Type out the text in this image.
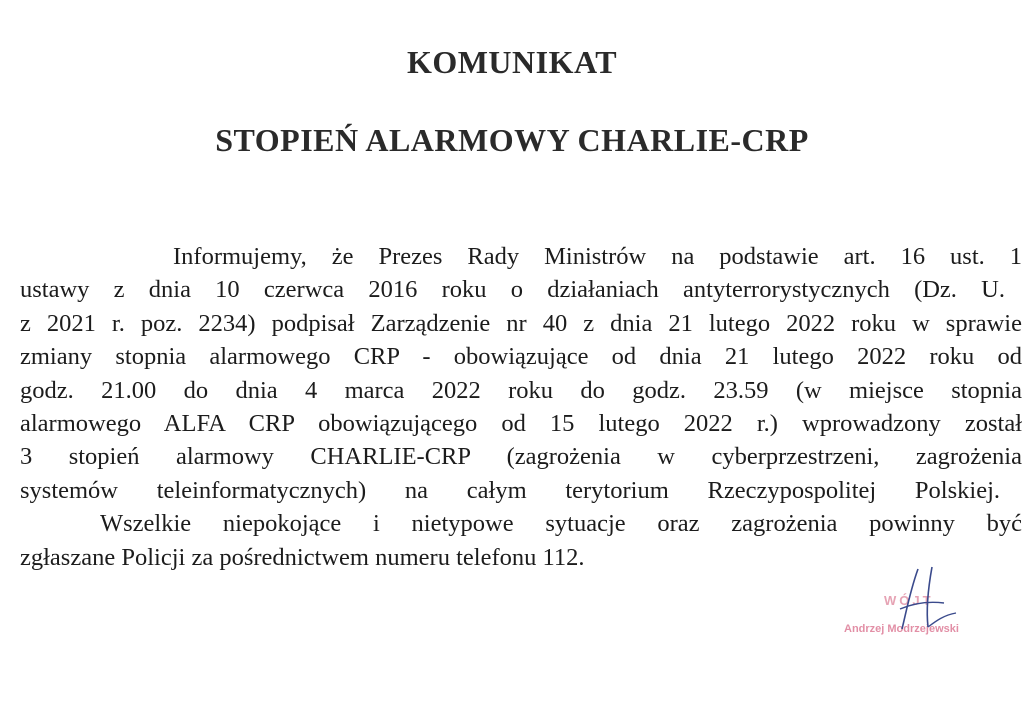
KOMUNIKAT
STOPIEŃ ALARMOWY CHARLIE-CRP
Informujemy, że Prezes Rady Ministrów na podstawie art. 16 ust. 1
ustawy z dnia 10 czerwca 2016 roku o działaniach antyterrorystycznych (Dz. U.
z 2021 r. poz. 2234) podpisał Zarządzenie nr 40 z dnia 21 lutego 2022 roku w sprawie
zmiany stopnia alarmowego CRP - obowiązujące od dnia 21 lutego 2022 roku od
godz. 21.00 do dnia 4 marca 2022 roku do godz. 23.59 (w miejsce stopnia
alarmowego ALFA CRP obowiązującego od 15 lutego 2022 r.) wprowadzony został
3 stopień alarmowy CHARLIE-CRP (zagrożenia w cyberprzestrzeni, zagrożenia
systemów teleinformatycznych) na całym terytorium Rzeczypospolitej Polskiej.
Wszelkie niepokojące i nietypowe sytuacje oraz zagrożenia powinny być
zgłaszane Policji za pośrednictwem numeru telefonu 112.
WÓJT
Andrzej Modrzejewski
